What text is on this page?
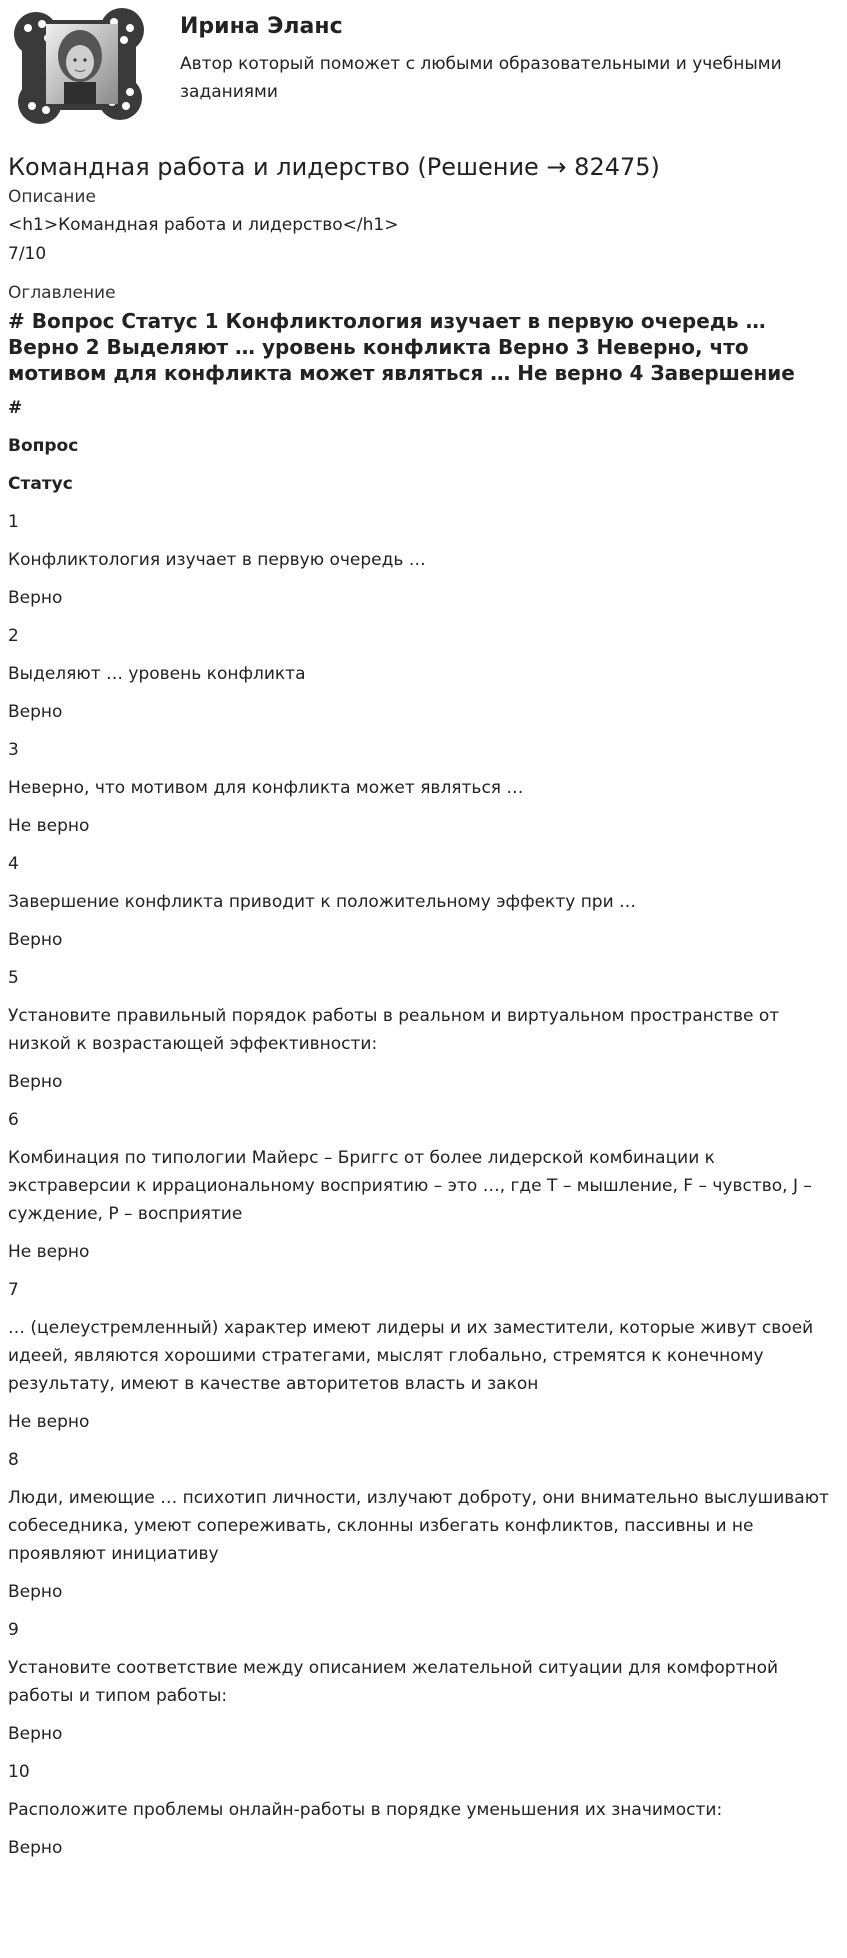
Ирина Эланс
Автор который поможет с любыми образовательными и учебными заданиями
Командная работа и лидерство (Решение → 82475)
Описание
<h1>Командная работа и лидерство</h1>
7/10
Оглавление
# Вопрос Статус 1 Конфликтология изучает в первую очередь … Верно 2 Выделяют … уровень конфликта Верно 3 Неверно, что мотивом для конфликта может являться … Не верно 4 Завершение
#
Вопрос
Статус
1
Конфликтология изучает в первую очередь …
Верно
2
Выделяют … уровень конфликта
Верно
3
Неверно, что мотивом для конфликта может являться …
Не верно
4
Завершение конфликта приводит к положительному эффекту при …
Верно
5
Установите правильный порядок работы в реальном и виртуальном пространстве от низкой к возрастающей эффективности:
Верно
6
Комбинация по типологии Майерс – Бриггс от более лидерской комбинации к экстраверсии к иррациональному восприятию – это …, где T – мышление, F – чувство, J – суждение, P – восприятие
Не верно
7
… (целеустремленный) характер имеют лидеры и их заместители, которые живут своей идеей, являются хорошими стратегами, мыслят глобально, стремятся к конечному результату, имеют в качестве авторитетов власть и закон
Не верно
8
Люди, имеющие … психотип личности, излучают доброту, они внимательно выслушивают собеседника, умеют сопереживать, склонны избегать конфликтов, пассивны и не проявляют инициативу
Верно
9
Установите соответствие между описанием желательной ситуации для комфортной работы и типом работы:
Верно
10
Расположите проблемы онлайн-работы в порядке уменьшения их значимости:
Верно
